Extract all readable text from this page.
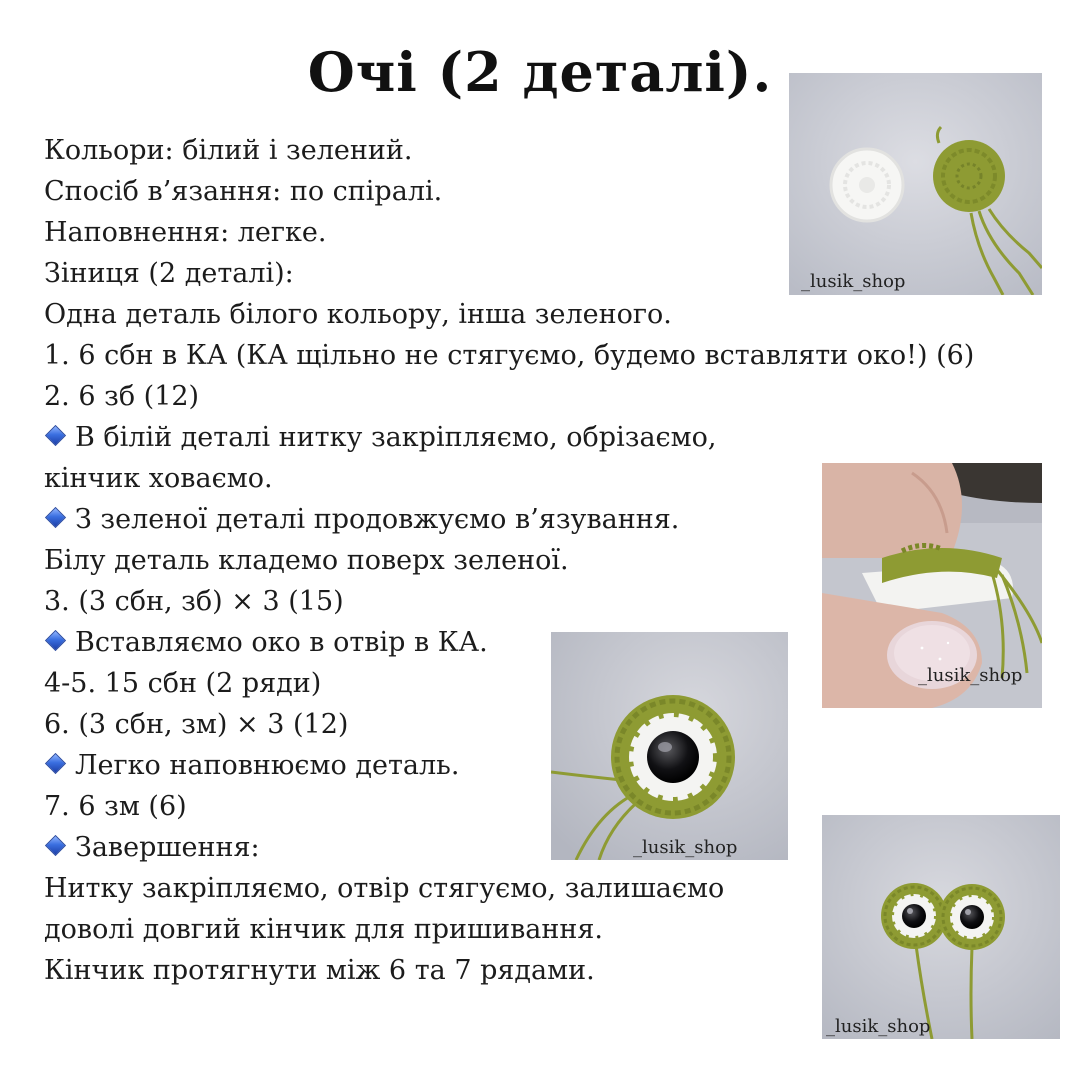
Очі (2 деталі).
Кольори: білий і зелений.
Спосіб в’язання: по спіралі.
Наповнення: легке.
Зіниця (2 деталі):
Одна деталь білого кольору, інша зеленого.
1. 6 сбн в КА (КА щільно не стягуємо, будемо вставляти око!) (6)
2. 6 зб (12)
В білій деталі нитку закріпляємо, обрізаємо,
кінчик ховаємо.
З зеленої деталі продовжуємо в’язування.
Білу деталь кладемо поверх зеленої.
3. (3 сбн, зб) × 3 (15)
Вставляємо око в отвір в КА.
4-5. 15 сбн (2 ряди)
6. (3 сбн, зм) × 3 (12)
Легко наповнюємо деталь.
7. 6 зм (6)
Завершення:
Нитку закріпляємо, отвір стягуємо, залишаємо
доволі довгий кінчик для пришивання.
Кінчик протягнути між 6 та 7 рядами.
_lusik_shop
_lusik_shop
_lusik_shop
_lusik_shop
